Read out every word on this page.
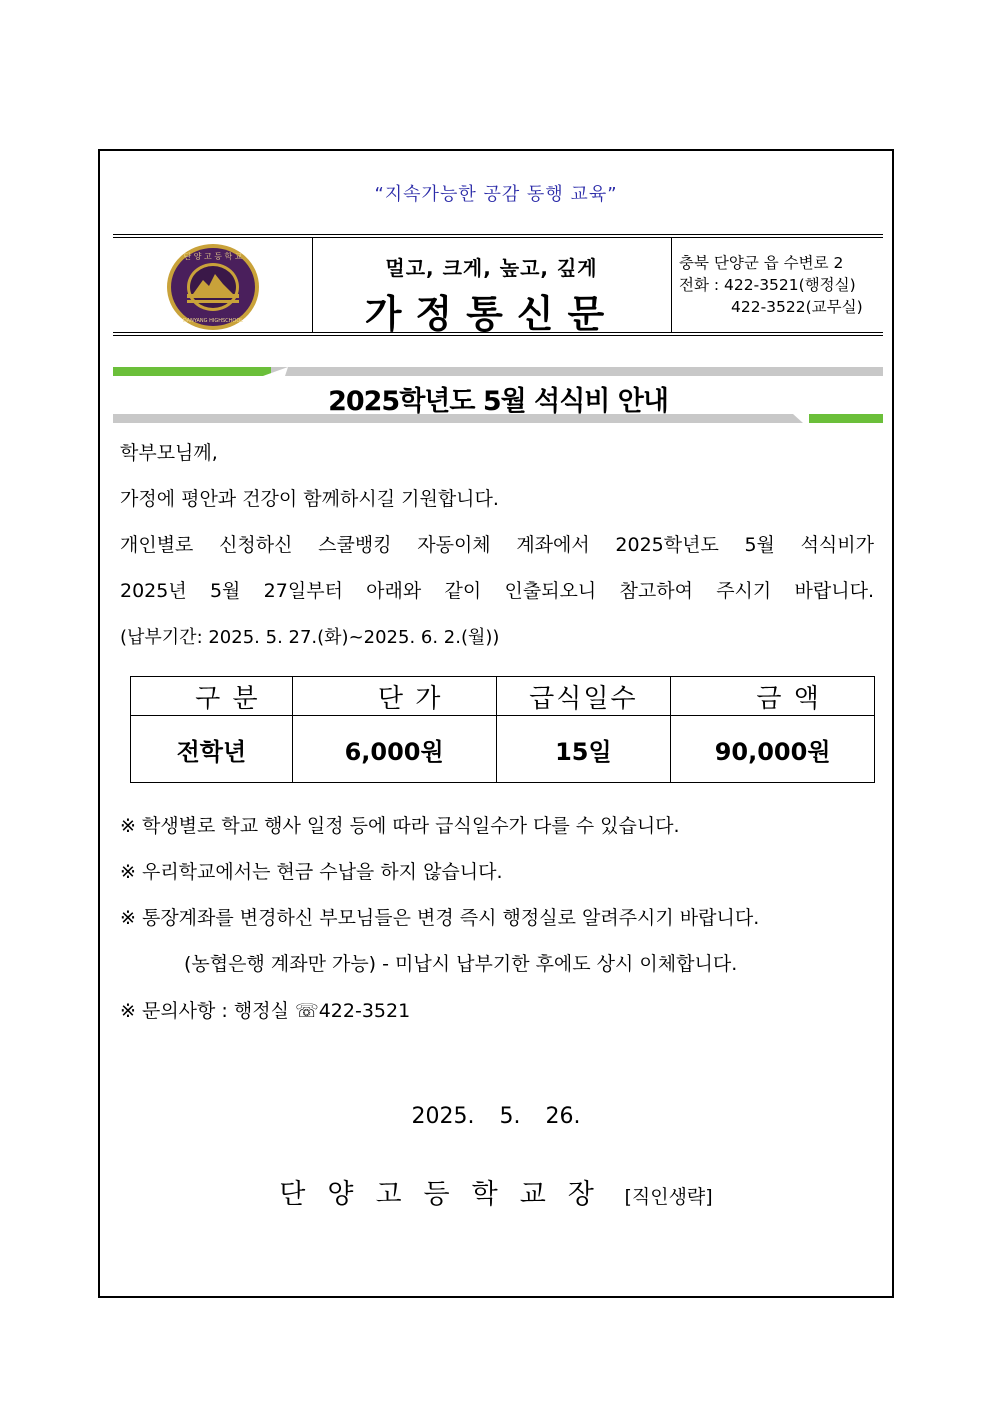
“지속가능한 공감 동행 교육”
단 양 고 등 학 교
DANYANG HIGHSCHOOL
멀고, 크게, 높고, 깊게
가정통신문
충북 단양군 읍 수변로 2
전화 : 422-3521(행정실)
422-3522(교무실)
2025학년도 5월 석식비 안내
학부모님께,
가정에 평안과 건강이 함께하시길 기원합니다.
개인별로 신청하신 스쿨뱅킹 자동이체 계좌에서 2025학년도 5월 석식비가
2025년 5월 27일부터 아래와 같이 인출되오니 참고하여 주시기 바랍니다.
(납부기간: 2025. 5. 27.(화)~2025. 6. 2.(월))
구 분	단 가	급식일수	금 액
전학년	6,000원	15일	90,000원
※ 학생별로 학교 행사 일정 등에 따라 급식일수가 다를 수 있습니다.
※ 우리학교에서는 현금 수납을 하지 않습니다.
※ 통장계좌를 변경하신 부모님들은 변경 즉시 행정실로 알려주시기 바랍니다.
(농협은행 계좌만 가능) - 미납시 납부기한 후에도 상시 이체합니다.
※ 문의사항 : 행정실 ☏422-3521
2025. 5. 26.
단양고등학교장 [직인생략]
